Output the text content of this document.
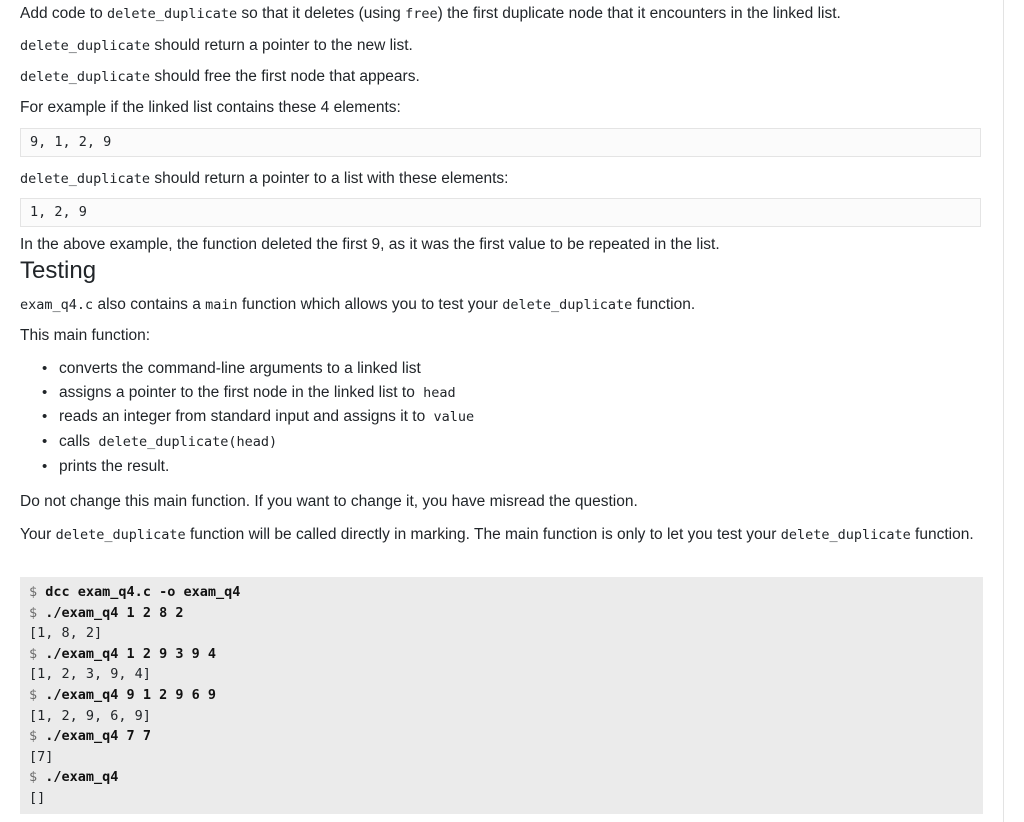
Add code to delete_duplicate so that it deletes (using free) the first duplicate node that it encounters in the linked list.

delete_duplicate should return a pointer to the new list.

delete_duplicate should free the first node that appears.

For example if the linked list contains these 4 elements:

9, 1, 2, 9

delete_duplicate should return a pointer to a list with these elements:

1, 2, 9

In the above example, the function deleted the first 9, as it was the first value to be repeated in the list.

Testing

exam_q4.c also contains a main function which allows you to test your delete_duplicate function.

This main function:

• converts the command-line arguments to a linked list
• assigns a pointer to the first node in the linked list to head
• reads an integer from standard input and assigns it to value
• calls delete_duplicate(head)
• prints the result.

Do not change this main function. If you want to change it, you have misread the question.

Your delete_duplicate function will be called directly in marking. The main function is only to let you test your delete_duplicate function.

$ dcc exam_q4.c -o exam_q4
$ ./exam_q4 1 2 8 2
[1, 8, 2]
$ ./exam_q4 1 2 9 3 9 4
[1, 2, 3, 9, 4]
$ ./exam_q4 9 1 2 9 6 9
[1, 2, 9, 6, 9]
$ ./exam_q4 7 7
[7]
$ ./exam_q4
[]
